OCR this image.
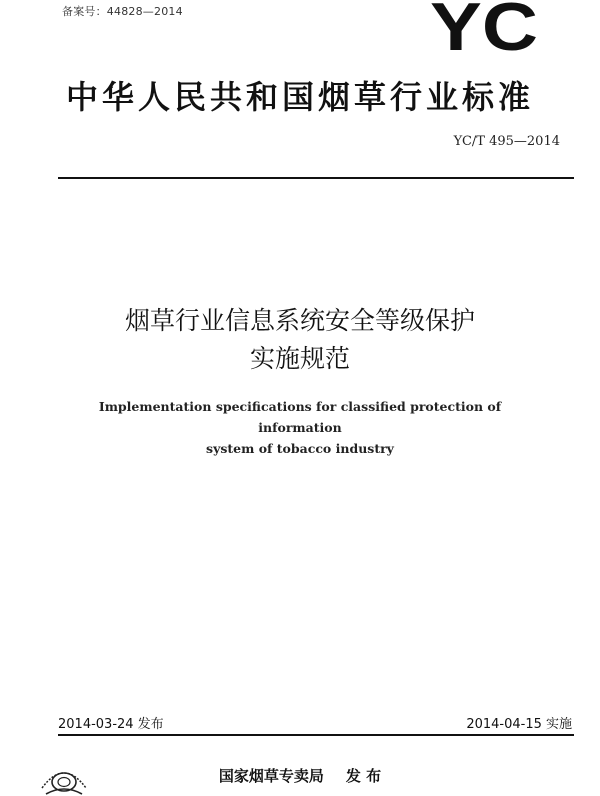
备案号：44828—2014	YC
中华人民共和国烟草行业标准
YC/T 495—2014
烟草行业信息系统安全等级保护
实施规范
Implementation specifications for classified protection of information
system of tobacco industry
2014-03-24 发布	2014-04-15 实施
国家烟草专卖局 发 布
